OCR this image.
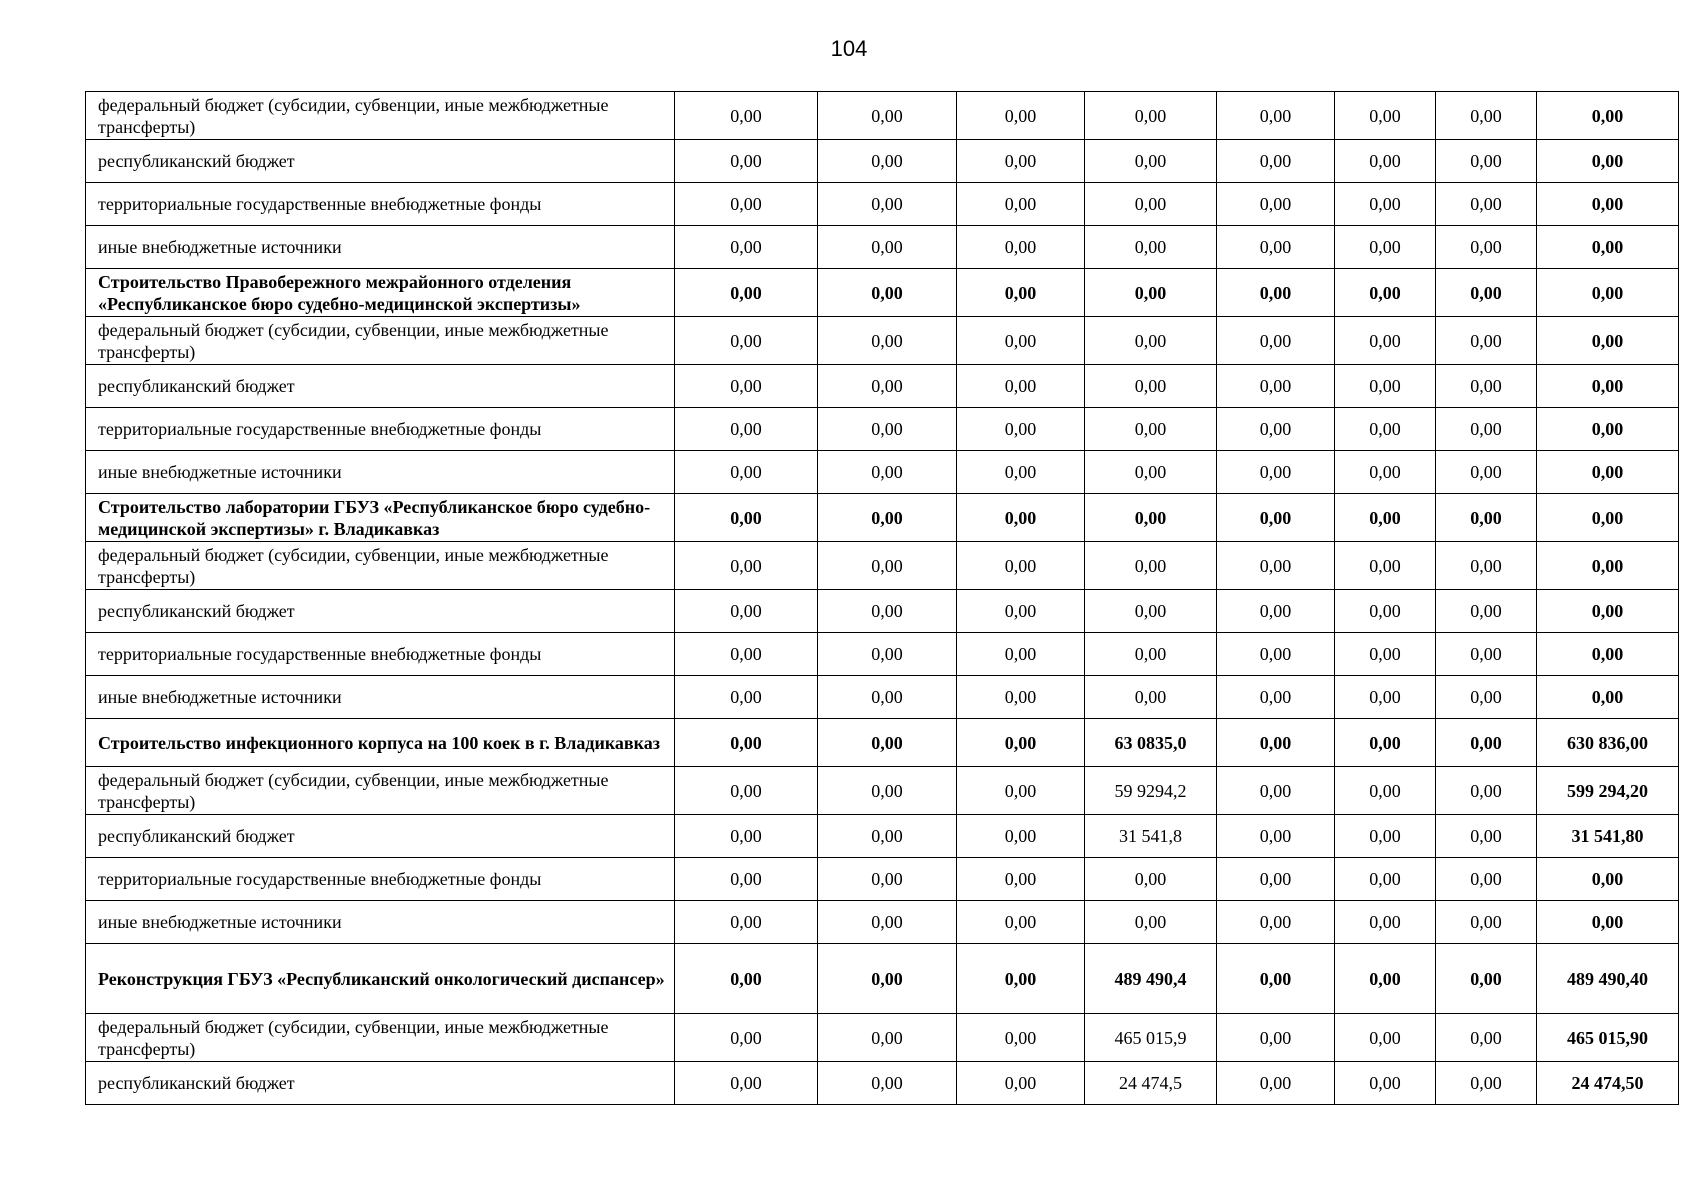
104
федеральный бюджет (субсидии, субвенции, иные межбюджетные трансферты)	0,00	0,00	0,00	0,00	0,00	0,00	0,00	0,00
республиканский бюджет	0,00	0,00	0,00	0,00	0,00	0,00	0,00	0,00
территориальные государственные внебюджетные фонды	0,00	0,00	0,00	0,00	0,00	0,00	0,00	0,00
иные внебюджетные источники	0,00	0,00	0,00	0,00	0,00	0,00	0,00	0,00
Строительство Правобережного межрайонного отделения «Республиканское бюро судебно-медицинской экспертизы»	0,00	0,00	0,00	0,00	0,00	0,00	0,00	0,00
федеральный бюджет (субсидии, субвенции, иные межбюджетные трансферты)	0,00	0,00	0,00	0,00	0,00	0,00	0,00	0,00
республиканский бюджет	0,00	0,00	0,00	0,00	0,00	0,00	0,00	0,00
территориальные государственные внебюджетные фонды	0,00	0,00	0,00	0,00	0,00	0,00	0,00	0,00
иные внебюджетные источники	0,00	0,00	0,00	0,00	0,00	0,00	0,00	0,00
Строительство лаборатории ГБУЗ «Республиканское бюро судебно-медицинской экспертизы» г. Владикавказ	0,00	0,00	0,00	0,00	0,00	0,00	0,00	0,00
федеральный бюджет (субсидии, субвенции, иные межбюджетные трансферты)	0,00	0,00	0,00	0,00	0,00	0,00	0,00	0,00
республиканский бюджет	0,00	0,00	0,00	0,00	0,00	0,00	0,00	0,00
территориальные государственные внебюджетные фонды	0,00	0,00	0,00	0,00	0,00	0,00	0,00	0,00
иные внебюджетные источники	0,00	0,00	0,00	0,00	0,00	0,00	0,00	0,00
Строительство инфекционного корпуса на 100 коек в г. Владикавказ	0,00	0,00	0,00	63 0835,0	0,00	0,00	0,00	630 836,00
федеральный бюджет (субсидии, субвенции, иные межбюджетные трансферты)	0,00	0,00	0,00	59 9294,2	0,00	0,00	0,00	599 294,20
республиканский бюджет	0,00	0,00	0,00	31 541,8	0,00	0,00	0,00	31 541,80
территориальные государственные внебюджетные фонды	0,00	0,00	0,00	0,00	0,00	0,00	0,00	0,00
иные внебюджетные источники	0,00	0,00	0,00	0,00	0,00	0,00	0,00	0,00
Реконструкция ГБУЗ «Республиканский онкологический диспансер»	0,00	0,00	0,00	489 490,4	0,00	0,00	0,00	489 490,40
федеральный бюджет (субсидии, субвенции, иные межбюджетные трансферты)	0,00	0,00	0,00	465 015,9	0,00	0,00	0,00	465 015,90
республиканский бюджет	0,00	0,00	0,00	24 474,5	0,00	0,00	0,00	24 474,50
